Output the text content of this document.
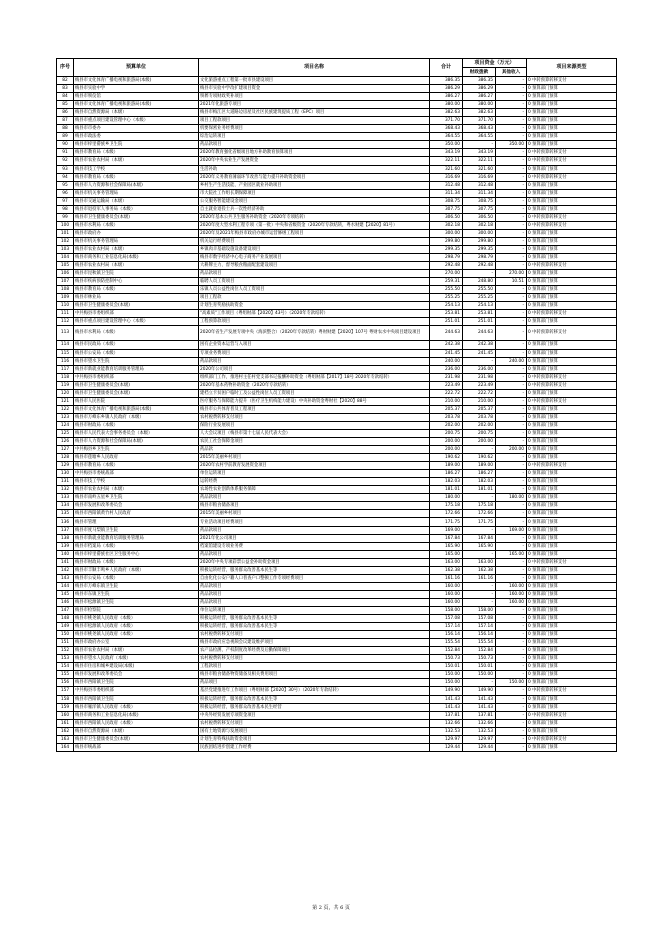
序号	预算单位	项目名称	合计	项目资金（万元）		项目来源类型
				财政拨款	其他收入	
82	梅县市文化体育广播电视和旅游局(本级)	文化旅游重点工程第一批市县建设项目	386.35	386.35	-	0 中转预算转移支付
83	梅县市实验中学	梅县市实验中学改扩建项目资金	386.29	386.29	-	0 预算部门预算
84	梅县市殡仪馆	殡葬专项财政奖补项目	386.27	386.27	-	0 预算部门预算
85	梅县市文化体育广播电视和旅游局(本级)	2021年化旅游专项目	380.00	380.00	-	0 预算部门预算
86	梅县市自然资源局（本级）	梅县市梅江区大道路边房屋及社区民族建筑提质工程（EPC）项目	382.63	382.63	-	0 预算部门预算
87	梅县市重点项目建设管理中心（本级）	项目工程款项目	371.70	371.70	-	0 预算部门预算
88	梅县市市委办	机要保密业务经费项目	368.43	368.43	-	0 预算部门预算
89	梅县市政法委	综治运转项目	364.55	364.55	-	0 预算部门预算
90	梅县市梓里畲族乡卫生院	药品款项目	350.00	-	350.00	0 预算部门预算
91	梅县市教育局（本级）	2020年教育强化省级项目地方补助教育预算项目	343.19	343.19	-	0 中转预算转移支付
92	梅县市农业农村局（本级）	2020年中央农业生产发展资金	322.11	322.11	-	0 中转预算转移支付
93	梅县市技工学校	生活补助	321.60	321.60	-	0 预算部门预算
94	梅县市教育局（本级）	2020年义务教育薄弱环节改善与能力提升补助资金项目	316.69	316.69	-	0 中转预算转移支付
95	梅县市人力资源和社会保障局(本级)	乡村生产生活技能、产业园区就业补助项目	312.48	312.48	-	0 预算部门预算
96	梅县市机关事务管理局	市大院社工作组长期保障项目	311.34	311.34	-	0 预算部门预算
97	梅县市交通运输局（本级）	公交服务智能建设金项目	308.75	308.75	-	0 预算部门预算
98	梅县市退役军人事务局（本级）	自主就业退役士兵一次性经济补助	307.75	307.75	-	0 预算部门预算
99	梅县市卫生健康委员会(本级)	2020年基本公共卫生服务补助资金（2020年专项结转）	306.50	306.50	-	0 中转预算转移支付
100	梅县市水利局（本级）	2020年度大型水利工程专项（第一批）中央和省级资金（2020年专款结转，粤水财建【2020】81号）	302.18	302.18	-	0 中转预算转移支付
101	梅县市政府办	2020年及2021年梅县市政府办城市运营修缮工程项目	300.00	300.00	-	0 预算部门预算
102	梅县市机关事务管理局	机关运行经费项目	299.80	299.80	-	0 预算部门预算
103	梅县市农业农村局（本级）	乡镇肉羊基础设施设备建设项目	299.35	299.35	-	0 预算部门预算
104	梅县市商务和工业信息化局(本级)	梅县市数字经济中心电子商务产业发展项目	298.79	298.79	-	0 预算部门预算
105	梅县市农业农村局（本级）	大耕牌主力、督导粮食粮面配套建设项目	292.48	292.48	-	0 中转预算转移支付
106	梅县市昆秋镇卫生院	药品款项目	270.00	-	270.00	0 预算部门预算
107	梅县市疾病预防控制中心	临聘人员工资项目	259.31	248.80	10.51	0 预算部门预算
108	梅县市教育局（本级）	乐镇人员公益性岗位人员工资项目	255.50	255.50	-	0 预算部门预算
109	梅县市林业局	项目工程款	255.25	255.25	-	0 预算部门预算
110	梅县市卫生健康委员会(本级)	计划生育奖励扶助资金	254.13	254.13	-	0 预算部门预算
111	中共梅县市委组织部	"高素质"工作项目（粤组财部【2020】43号）（2020年专款结转）	253.81	253.81	-	0 中转预算转移支付
112	梅县市重点项目建设管理中心（本级）	工程预算款项目	251.01	251.01	-	0 预算部门预算
113	梅县市水利局（本级）	2020年省生产发展专项中央（海滨整合）（2020年专款结转）粤财财建【2020】107号 粤财农水中央项目建设项目	244.63	244.63	-	0 中转预算转移支付
114	梅县市民政局（本级）	困有企业资本运营与入项目	242.38	242.38	-	0 预算部门预算
115	梅县市公安局（本级）	专项业务费项目	241.45	241.45	-	0 预算部门预算
116	梅县市望水卫生院	药品款项目	240.00	-	240.00	0 预算部门预算
117	梅县市新就业能教育培训服务管理局	2020年公司项目	236.00	236.00	-	0 预算部门预算
118	中共梅县市委组织部	组织部门工作，推进村主任村党支部书记报酬补助资金（粤组财部【2017】18号 2020年专款结转）	231.98	231.98	-	0 中转预算转移支付
119	梅县市卫生健康委员会(本级)	2020年基本药物补助资金（2020年专款结转）	223.49	223.49	-	0 中转预算转移支付
120	梅县市卫生健康委员会(本级)	建档立卡贫困户临时工及公益性岗位人员工资项目	222.72	222.72	-	0 预算部门预算
121	梅县市人民医院	医疗服务与保障能力提升（医疗卫生机构能力建设）中央补助资金粤财社【2020】88号	210.00	210.00	-	0 中转预算转移支付
122	梅县市文化体育广播电视和旅游局(本级)	梅县市公共体育普及工程项目	205.37	205.37	-	0 预算部门预算
123	梅县市万峰东乡镇人民政府（本级）	农村税费转移支付项目	203.78	203.78	-	0 预算部门预算
124	梅县市财政局（本级）	保险行业发展项目	202.00	202.00	-	0 预算部门预算
125	梅县市人民代表大会事务委员会（本级）	人大会议项目（梅县市第十七届人民代表大会）	200.75	200.75	-	0 预算部门预算
126	梅县市人力资源和社会保障局(本级)	农民工社会保障金项目	200.00	200.00	-	0 预算部门预算
127	中共梅县乡卫生院	药品款	200.00	-	200.00	0 预算部门预算
128	梅县市莲塘乡人民政府	2015年美丽乡村项目	190.62	190.62	-	0 预算部门预算
129	梅县市教育局（本级）	2020年农村学前教育发展资金项目	189.00	189.00	-	0 中转预算转移支付
130	中共梅县市委统战部	单位运转项目	186.27	186.27	-	0 预算部门预算
131	梅县市技工学校	运转经费	182.03	182.03	-	0 预算部门预算
132	梅县市农业农村局（本级）	农场性农业创新体系服务保障	181.01	181.01	-	0 预算部门预算
133	梅县市南岭五星乡卫生院	药品款项目	180.00	-	180.00	0 预算部门预算
134	梅县市发展和改革委员会	梅县市粮食储备项目	175.18	175.18	-	0 预算部门预算
135	梅县市西阳镇黄竹村人民政府	2015年美丽乡村项目	172.66	172.66	-	0 预算部门预算
136	梅县市管理	专业活动项目经费项目	171.75	171.75	-	0 预算部门预算
137	梅县市度马梨镇卫生院	药品款项目	169.00	-	169.00	0 预算部门预算
138	梅县市新就业能教育培训服务管理局	2021年化公司项目	167.84	167.84	-	0 预算部门预算
139	梅县市档案局（本级）	档案馆建设专项业务费	165.90	165.90	-	0 预算部门预算
140	梅县市梓里畲族社区卫生服务中心	药品款项目	165.00	-	165.00	0 预算部门预算
141	梅县市财政局（本级）	2020年中央专项彩票公益金补助资金项目	163.00	163.00	-	0 中转预算转移支付
142	梅县市丰顺丰鸣乡人民政府（本级）	积极运转经营，服务群众改善基本民生等	162.38	162.38	-	0 预算部门预算
143	梅县市公安局（本级）	自由化化公安户籍人口普查户口整顿工作专项经费项目	161.16	161.16	-	0 预算部门预算
144	梅县市万峰东镇卫生院	药品款项目	160.00	-	160.00	0 预算部门预算
145	梅县市东镇卫生院	药品款项目	160.00	-	160.00	0 预算部门预算
146	梅县市松源镇卫生院	药品款项目	160.00	-	160.00	0 预算部门预算
147	梅县市检察院	单位运转项目	158.00	158.00	-	0 预算部门预算
148	梅县市桃尧镇人民政府（本级）	积极运转经营，服务群众改善基本民生等	157.08	157.08	-	0 预算部门预算
149	梅县市松源镇人民政府（本级）	积极运转经营，服务群众改善基本民生等	157.14	157.14	-	0 预算部门预算
150	梅县市桃尧镇人民政府（本级）	农村税费转移支付项目	156.14	156.14	-	0 预算部门预算
151	梅县市政府办公室	梅县市政府应急视频会议建设维护项目	155.54	155.54	-	0 预算部门预算
152	梅县市农业农村局（本级）	农产品检测、产权制度改革经费及后勤保障项目	152.84	152.84	-	0 预算部门预算
153	梅县市望水人民政府（本级）	农村税费转移支付项目	150.73	150.73	-	0 预算部门预算
154	梅县市住房和城乡建设局(本级)	工程款项目	150.01	150.01	-	0 预算部门预算
155	梅县市发展和改革委员会	梅县市粮食储备物资储备及相关费用项目	150.00	150.00	-	0 预算部门预算
156	梅县市西阳镇卫生院	药品项目	150.00	-	150.00	0 预算部门预算
157	中共梅县市委组织部	基层党建推进年工作项目（粤组财部【2020】30号）（2020年专款结转）	149.90	149.90	-	0 中转预算转移支付
158	梅县市西阳镇卫生院	积极运转经营，服务群众改善基本民生等	141.43	141.43	-	0 预算部门预算
159	梅县市雁洋镇人民政府（本级）	积极运转经营，服务群众改善基本民生经营	141.43	141.43	-	0 预算部门预算
160	梅县市商务和工业信息化局(本级)	中央外经贸发展专项资金项目	137.81	137.81	-	0 中转预算转移支付
161	梅县市西阳镇人民政府（本级）	农村税费转移支付项目	132.66	132.66	-	0 预算部门预算
162	梅县市自然资源局（本级）	国有土地资源与发展项目	132.53	132.53	-	0 预算部门预算
163	梅县市卫生健康委员会(本级)	计划生育特殊扶助资金项目	129.97	129.97	-	0 中转预算转移支付
164	梅县市统战部	民族团结进步创建工作经费	129.44	129.44	-	0 预算部门预算
第 2 页，共 6 页
